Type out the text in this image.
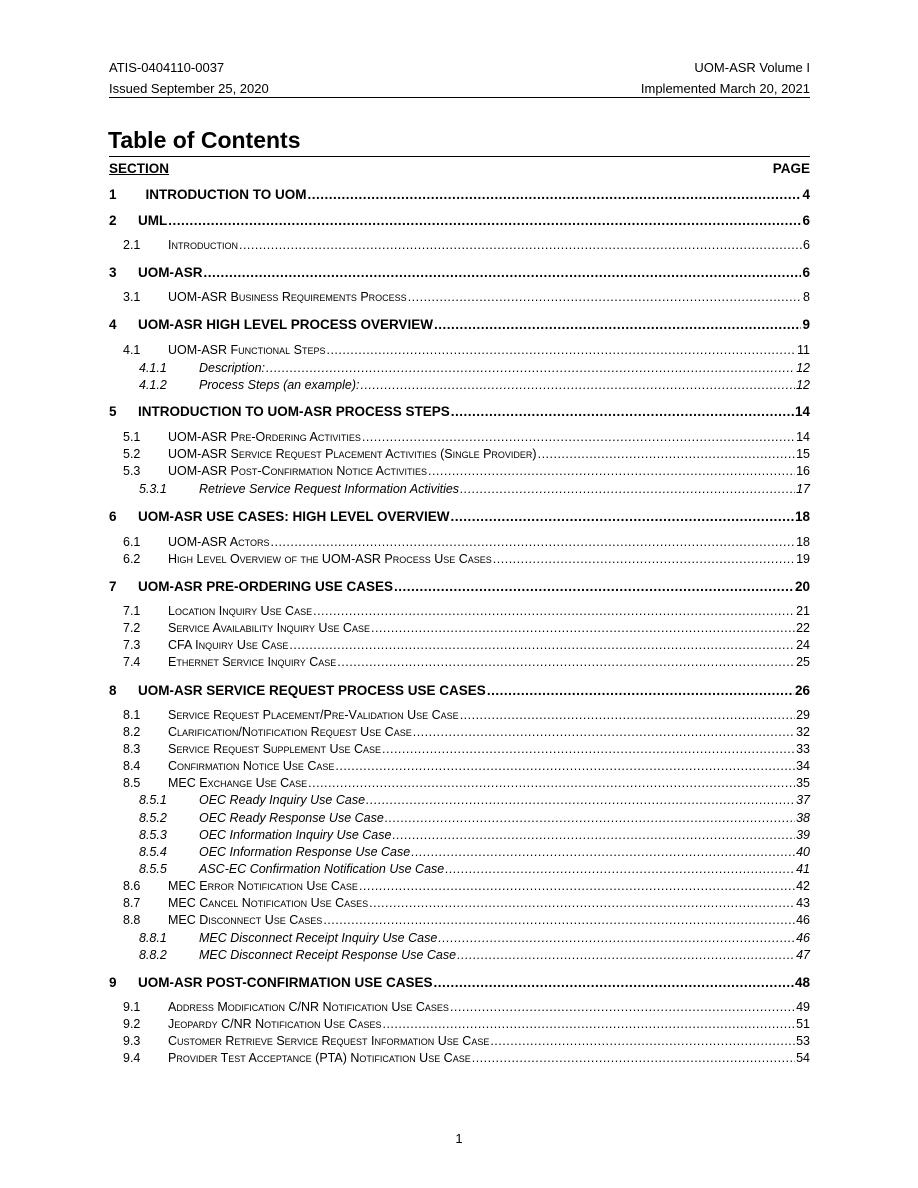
ATIS-0404110-0037	UOM-ASR Volume I
Issued September 25, 2020	Implemented March 20, 2021
Table of Contents
SECTION	PAGE
1	INTRODUCTION TO UOM .....	4
2	UML .....	6
2.1	Introduction .....	6
3	UOM-ASR .....	6
3.1	UOM-ASR Business Requirements Process .....	8
4	UOM-ASR HIGH LEVEL PROCESS OVERVIEW .....	9
4.1	UOM-ASR Functional Steps .....	11
4.1.1	Description: .....	12
4.1.2	Process Steps (an example): .....	12
5	INTRODUCTION TO UOM-ASR PROCESS STEPS .....	14
5.1	UOM-ASR Pre-Ordering Activities .....	14
5.2	UOM-ASR Service Request Placement Activities (Single Provider) .....	15
5.3	UOM-ASR Post-Confirmation Notice Activities .....	16
5.3.1	Retrieve Service Request Information Activities .....	17
6	UOM-ASR USE CASES: HIGH LEVEL OVERVIEW .....	18
6.1	UOM-ASR Actors .....	18
6.2	High Level Overview of the UOM-ASR Process Use Cases .....	19
7	UOM-ASR PRE-ORDERING USE CASES .....	20
7.1	Location Inquiry Use Case .....	21
7.2	Service Availability Inquiry Use Case .....	22
7.3	CFA Inquiry Use Case .....	24
7.4	Ethernet Service Inquiry Case .....	25
8	UOM-ASR SERVICE REQUEST PROCESS USE CASES .....	26
8.1	Service Request Placement/Pre-Validation Use Case .....	29
8.2	Clarification/Notification Request Use Case .....	32
8.3	Service Request Supplement Use Case .....	33
8.4	Confirmation Notice Use Case .....	34
8.5	MEC Exchange Use Case .....	35
8.5.1	OEC Ready Inquiry Use Case .....	37
8.5.2	OEC Ready Response Use Case .....	38
8.5.3	OEC Information Inquiry Use Case .....	39
8.5.4	OEC Information Response Use Case .....	40
8.5.5	ASC-EC Confirmation Notification Use Case .....	41
8.6	MEC Error Notification Use Case .....	42
8.7	MEC Cancel Notification Use Cases .....	43
8.8	MEC Disconnect Use Cases .....	46
8.8.1	MEC Disconnect Receipt Inquiry Use Case .....	46
8.8.2	MEC Disconnect Receipt Response Use Case .....	47
9	UOM-ASR POST-CONFIRMATION USE CASES .....	48
9.1	Address Modification C/NR Notification Use Cases .....	49
9.2	Jeopardy C/NR Notification Use Cases .....	51
9.3	Customer Retrieve Service Request Information Use Case .....	53
9.4	Provider Test Acceptance (PTA) Notification Use Case .....	54
1
